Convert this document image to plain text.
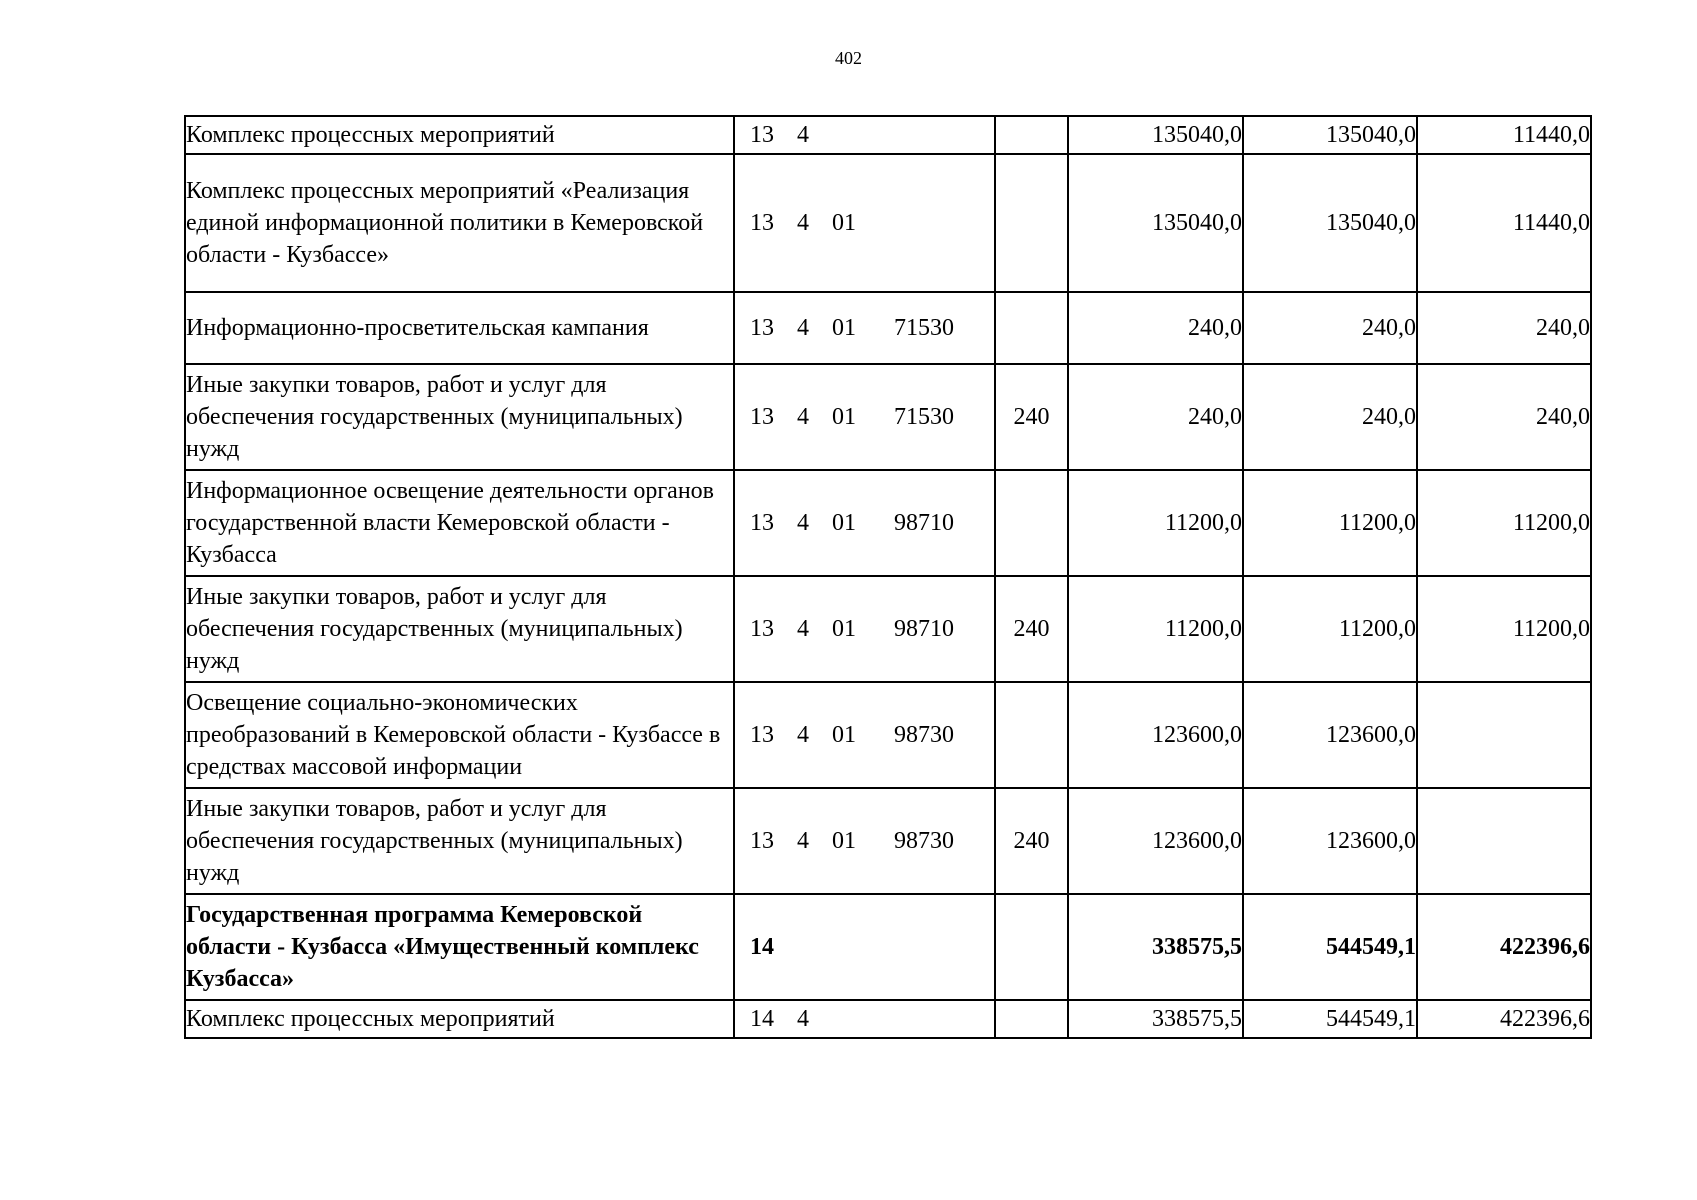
402
Комплекс процессных мероприятий	13 4		135040,0	135040,0	11440,0
Комплекс процессных мероприятий «Реализация единой информационной политики в Кемеровской области - Кузбассе»	13 4 01		135040,0	135040,0	11440,0
Информационно-просветительская кампания	13 4 01 71530		240,0	240,0	240,0
Иные закупки товаров, работ и услуг для обеспечения государственных (муниципальных) нужд	13 4 01 71530	240	240,0	240,0	240,0
Информационное освещение деятельности органов государственной власти Кемеровской области - Кузбасса	13 4 01 98710		11200,0	11200,0	11200,0
Иные закупки товаров, работ и услуг для обеспечения государственных (муниципальных) нужд	13 4 01 98710	240	11200,0	11200,0	11200,0
Освещение социально-экономических преобразований в Кемеровской области - Кузбассе в средствах массовой информации	13 4 01 98730		123600,0	123600,0	
Иные закупки товаров, работ и услуг для обеспечения государственных (муниципальных) нужд	13 4 01 98730	240	123600,0	123600,0	
Государственная программа Кемеровской области - Кузбасса «Имущественный комплекс Кузбасса»	14		338575,5	544549,1	422396,6
Комплекс процессных мероприятий	14 4		338575,5	544549,1	422396,6
